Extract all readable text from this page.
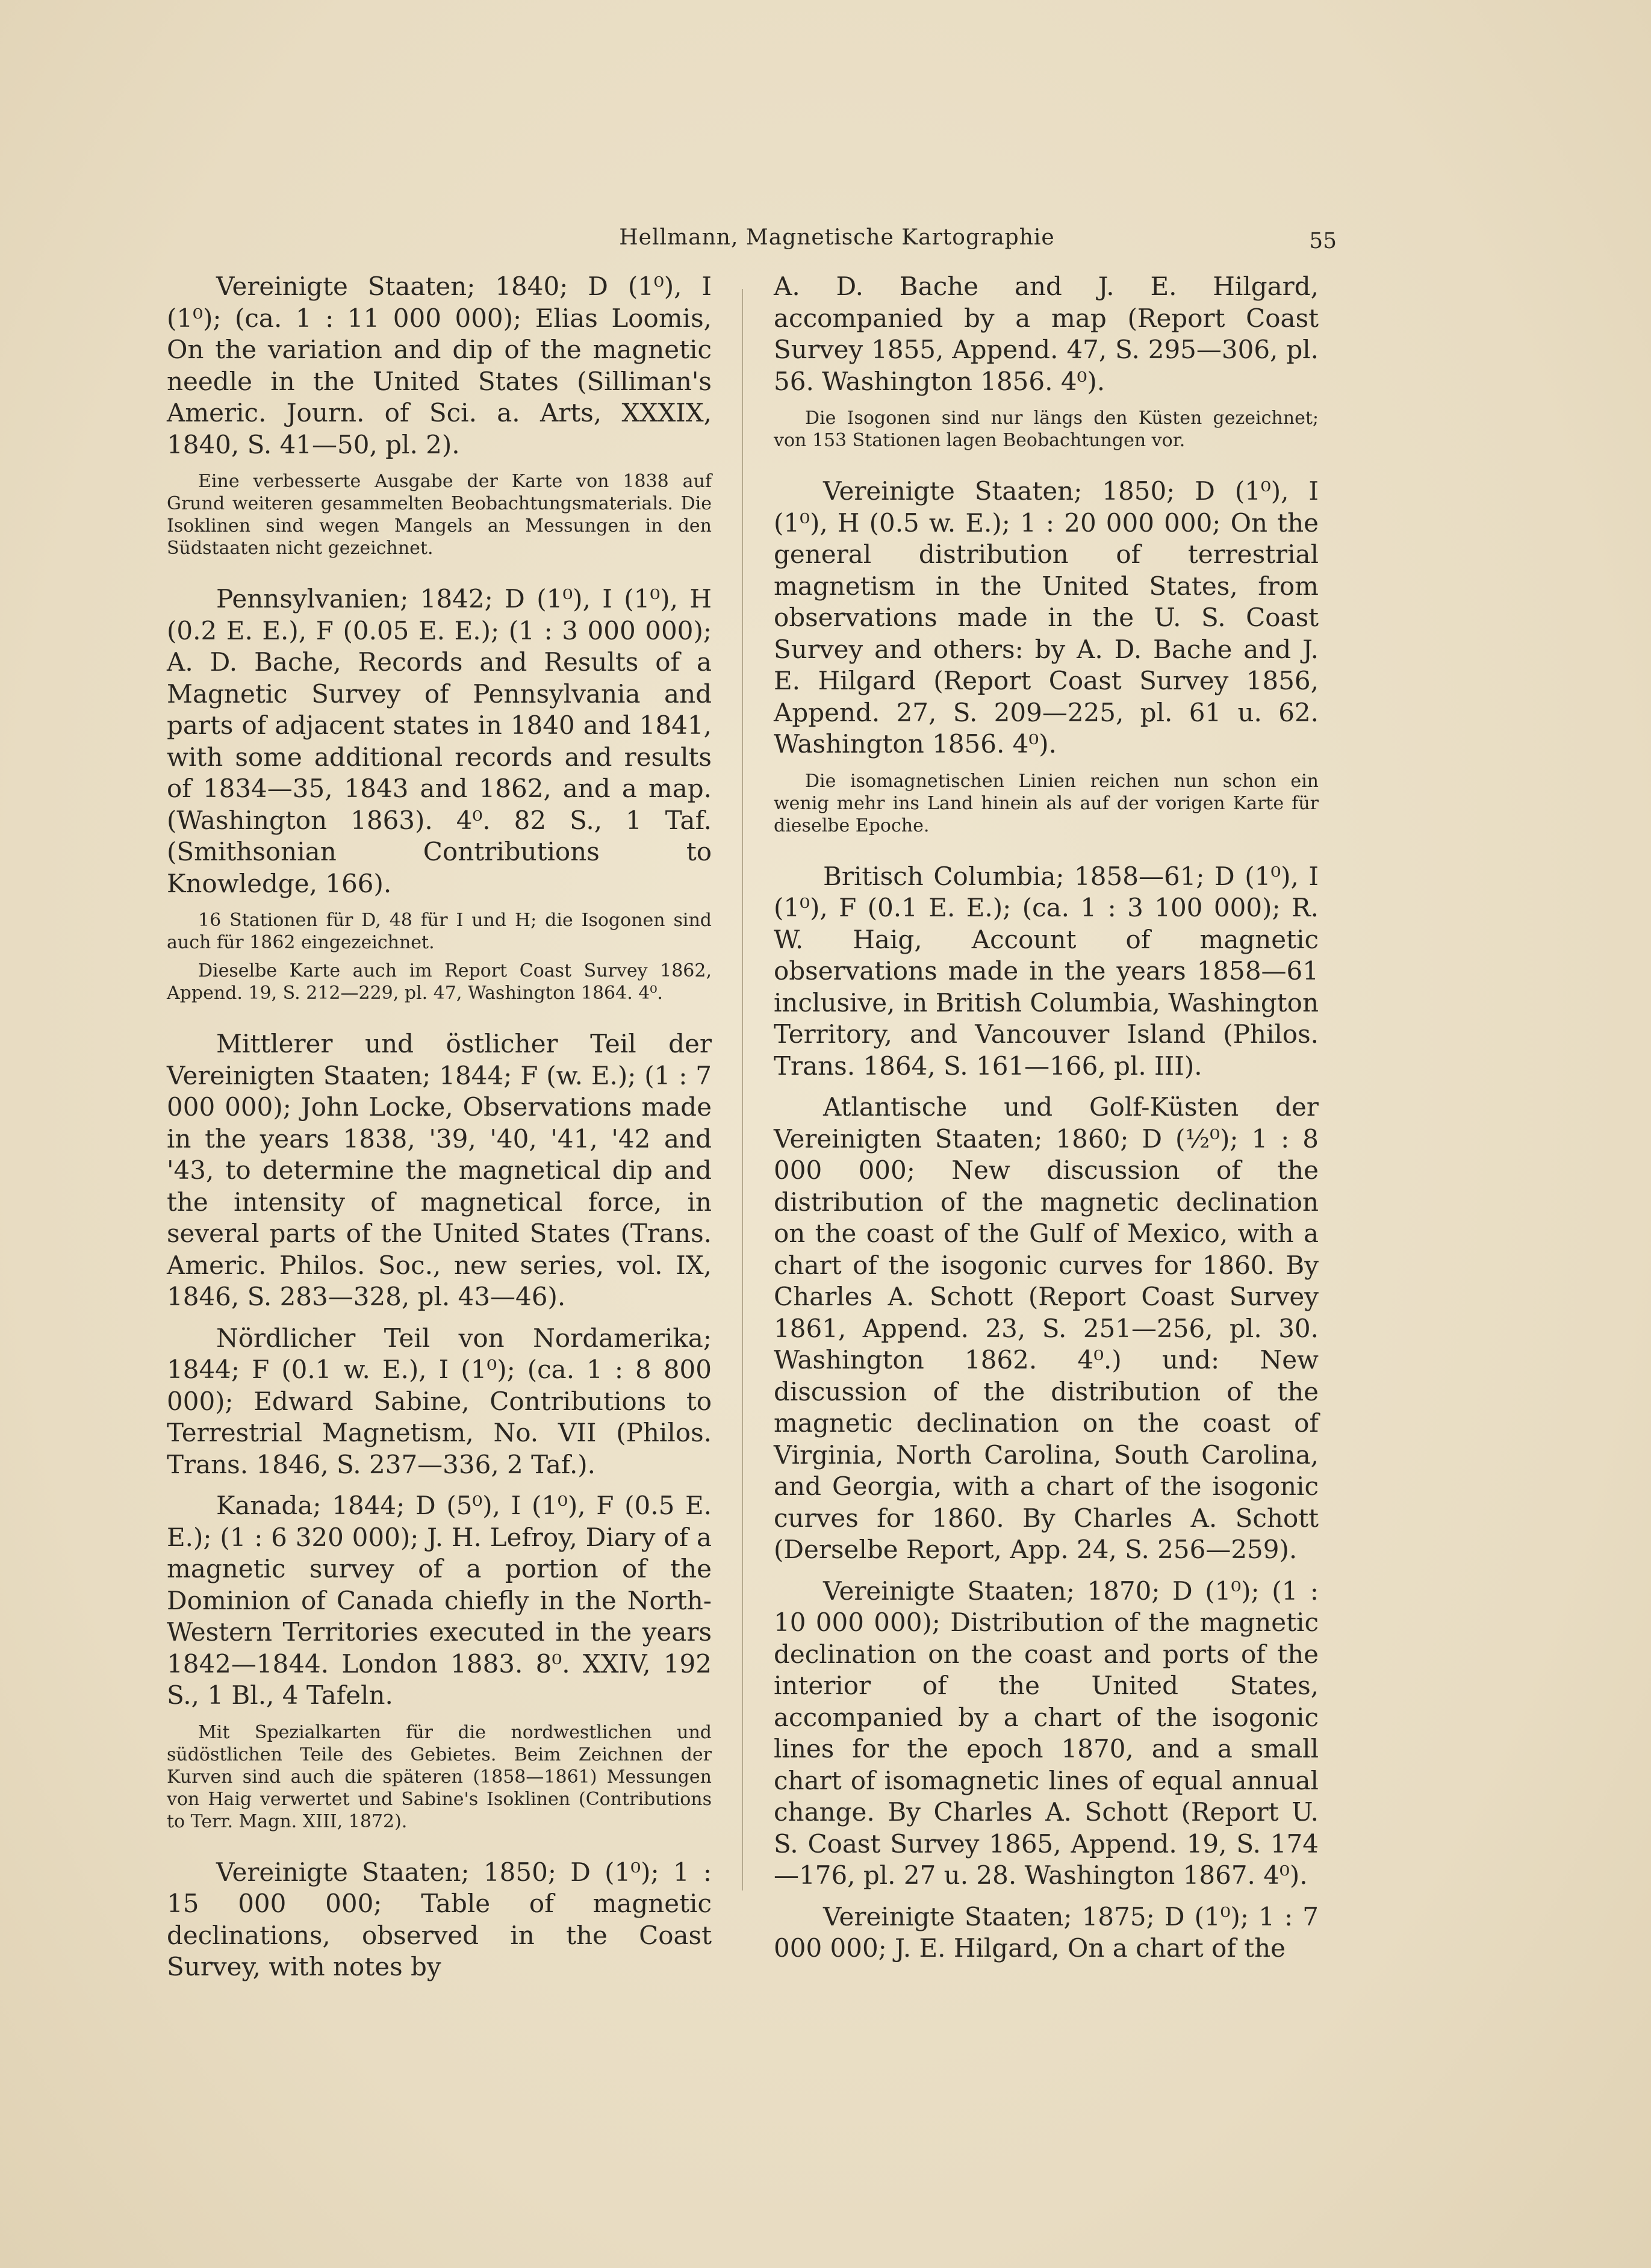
Hellmann, Magnetische Kartographie	55

Vereinigte Staaten; 1840; D (1⁰), I (1⁰); (ca. 1 : 11 000 000); Elias Loomis, On the variation and dip of the magnetic needle in the United States (Silliman's Americ. Journ. of Sci. a. Arts, XXXIX, 1840, S. 41—50, pl. 2).

Eine verbesserte Ausgabe der Karte von 1838 auf Grund weiteren gesammelten Beobachtungsmaterials. Die Isoklinen sind wegen Mangels an Messungen in den Südstaaten nicht gezeichnet.

Pennsylvanien; 1842; D (1⁰), I (1⁰), H (0.2 E. E.), F (0.05 E. E.); (1 : 3 000 000); A. D. Bache, Records and Results of a Magnetic Survey of Pennsylvania and parts of adjacent states in 1840 and 1841, with some additional records and results of 1834—35, 1843 and 1862, and a map. (Washington 1863). 4⁰. 82 S., 1 Taf. (Smithsonian Contributions to Knowledge, 166).

16 Stationen für D, 48 für I und H; die Isogonen sind auch für 1862 eingezeichnet.

Dieselbe Karte auch im Report Coast Survey 1862, Append. 19, S. 212—229, pl. 47, Washington 1864. 4⁰.

Mittlerer und östlicher Teil der Vereinigten Staaten; 1844; F (w. E.); (1 : 7 000 000); John Locke, Observations made in the years 1838, '39, '40, '41, '42 and '43, to determine the magnetical dip and the intensity of magnetical force, in several parts of the United States (Trans. Americ. Philos. Soc., new series, vol. IX, 1846, S. 283—328, pl. 43—46).

Nördlicher Teil von Nordamerika; 1844; F (0.1 w. E.), I (1⁰); (ca. 1 : 8 800 000); Edward Sabine, Contributions to Terrestrial Magnetism, No. VII (Philos. Trans. 1846, S. 237—336, 2 Taf.).

Kanada; 1844; D (5⁰), I (1⁰), F (0.5 E. E.); (1 : 6 320 000); J. H. Lefroy, Diary of a magnetic survey of a portion of the Dominion of Canada chiefly in the North-Western Territories executed in the years 1842—1844. London 1883. 8⁰. XXIV, 192 S., 1 Bl., 4 Tafeln.

Mit Spezialkarten für die nordwestlichen und südöstlichen Teile des Gebietes. Beim Zeichnen der Kurven sind auch die späteren (1858—1861) Messungen von Haig verwertet und Sabine's Isoklinen (Contributions to Terr. Magn. XIII, 1872).

Vereinigte Staaten; 1850; D (1⁰); 1 : 15 000 000; Table of magnetic declinations, observed in the Coast Survey, with notes by

A. D. Bache and J. E. Hilgard, accompanied by a map (Report Coast Survey 1855, Append. 47, S. 295—306, pl. 56. Washington 1856. 4⁰).

Die Isogonen sind nur längs den Küsten gezeichnet; von 153 Stationen lagen Beobachtungen vor.

Vereinigte Staaten; 1850; D (1⁰), I (1⁰), H (0.5 w. E.); 1 : 20 000 000; On the general distribution of terrestrial magnetism in the United States, from observations made in the U. S. Coast Survey and others: by A. D. Bache and J. E. Hilgard (Report Coast Survey 1856, Append. 27, S. 209—225, pl. 61 u. 62. Washington 1856. 4⁰).

Die isomagnetischen Linien reichen nun schon ein wenig mehr ins Land hinein als auf der vorigen Karte für dieselbe Epoche.

Britisch Columbia; 1858—61; D (1⁰), I (1⁰), F (0.1 E. E.); (ca. 1 : 3 100 000); R. W. Haig, Account of magnetic observations made in the years 1858—61 inclusive, in British Columbia, Washington Territory, and Vancouver Island (Philos. Trans. 1864, S. 161—166, pl. III).

Atlantische und Golf-Küsten der Vereinigten Staaten; 1860; D (½⁰); 1 : 8 000 000; New discussion of the distribution of the magnetic declination on the coast of the Gulf of Mexico, with a chart of the isogonic curves for 1860. By Charles A. Schott (Report Coast Survey 1861, Append. 23, S. 251—256, pl. 30. Washington 1862. 4⁰.) und: New discussion of the distribution of the magnetic declination on the coast of Virginia, North Carolina, South Carolina, and Georgia, with a chart of the isogonic curves for 1860. By Charles A. Schott (Derselbe Report, App. 24, S. 256—259).

Vereinigte Staaten; 1870; D (1⁰); (1 : 10 000 000); Distribution of the magnetic declination on the coast and ports of the interior of the United States, accompanied by a chart of the isogonic lines for the epoch 1870, and a small chart of isomagnetic lines of equal annual change. By Charles A. Schott (Report U. S. Coast Survey 1865, Append. 19, S. 174—176, pl. 27 u. 28. Washington 1867. 4⁰).

Vereinigte Staaten; 1875; D (1⁰); 1 : 7 000 000; J. E. Hilgard, On a chart of the
